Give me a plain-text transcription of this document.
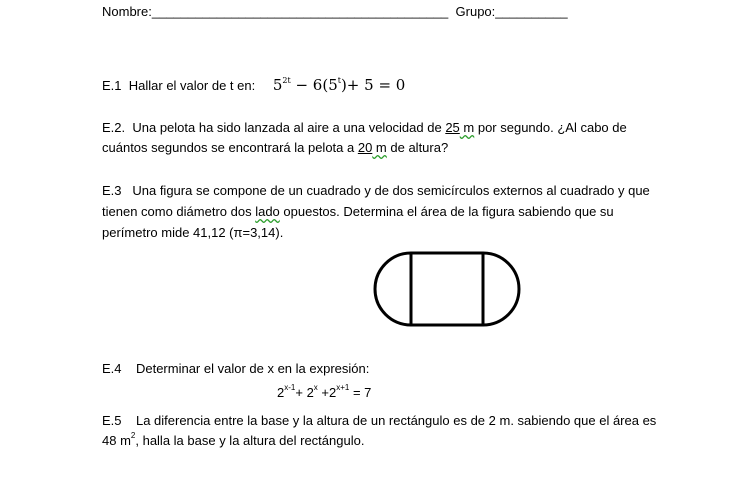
Nombre:_________________________________________ Grupo:__________
E.1 Hallar el valor de t en: $5^{2t} - 6(5^t)+ 5 = 0$
E.2. Una pelota ha sido lanzada al aire a una velocidad de 25 m por segundo. ¿Al cabo de
cuántos segundos se encontrará la pelota a 20 m de altura?
E.3 Una figura se compone de un cuadrado y de dos semicírculos externos al cuadrado y que
tienen como diámetro dos lado opuestos. Determina el área de la figura sabiendo que su
perímetro mide 41,12 (π=3,14).
E.4 Determinar el valor de x en la expresión:
$2^{x-1}+ 2^x +2^{x+1} = 7$
E.5 La diferencia entre la base y la altura de un rectángulo es de 2 m. sabiendo que el área es
48 $m^2$, halla la base y la altura del rectángulo.
